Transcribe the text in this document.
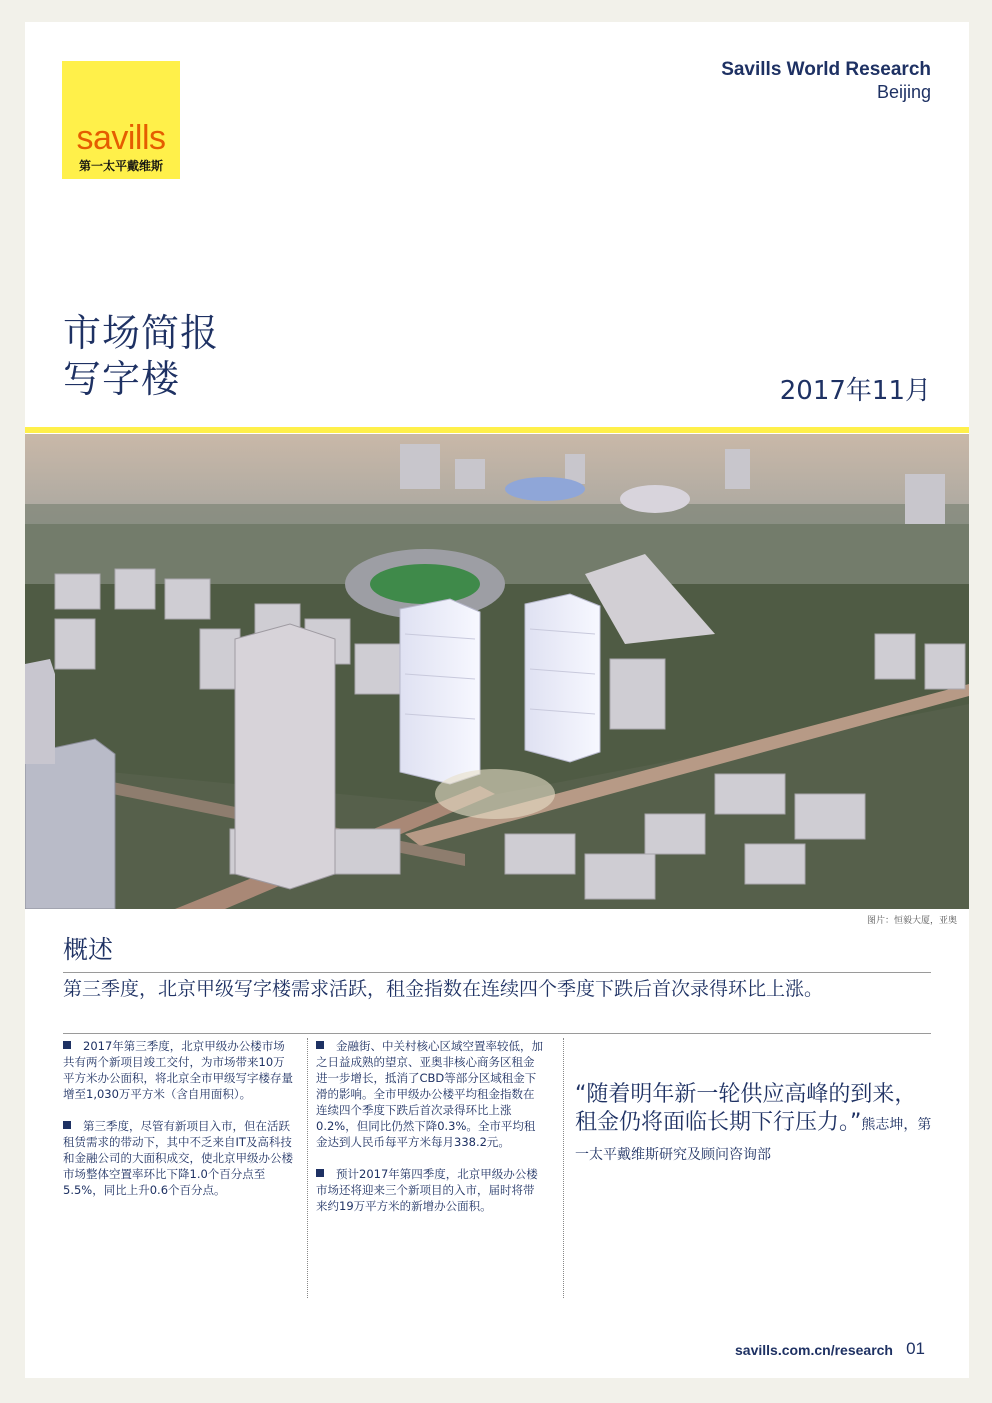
savills
第一太平戴维斯
Savills World Research
Beijing
市场简报
写字楼	2017年11月
图片：恒毅大厦，亚奥
概述
第三季度，北京甲级写字楼需求活跃，租金指数在连续四个季度下跌后首次录得环比上涨。

2017年第三季度，北京甲级办公楼市场共有两个新项目竣工交付，为市场带来10万平方米办公面积，将北京全市甲级写字楼存量增至1,030万平方米（含自用面积）。

第三季度，尽管有新项目入市，但在活跃租赁需求的带动下，其中不乏来自IT及高科技和金融公司的大面积成交，使北京甲级办公楼市场整体空置率环比下降1.0个百分点至5.5%，同比上升0.6个百分点。

金融街、中关村核心区域空置率较低，加之日益成熟的望京、亚奥非核心商务区租金进一步增长，抵消了CBD等部分区域租金下滑的影响。全市甲级办公楼平均租金指数在连续四个季度下跌后首次录得环比上涨0.2%，但同比仍然下降0.3%。全市平均租金达到人民币每平方米每月338.2元。

预计2017年第四季度，北京甲级办公楼市场还将迎来三个新项目的入市，届时将带来约19万平方米的新增办公面积。

“随着明年新一轮供应高峰的到来，租金仍将面临长期下行压力。”熊志坤，第一太平戴维斯研究及顾问咨询部
savills.com.cn/research 01
